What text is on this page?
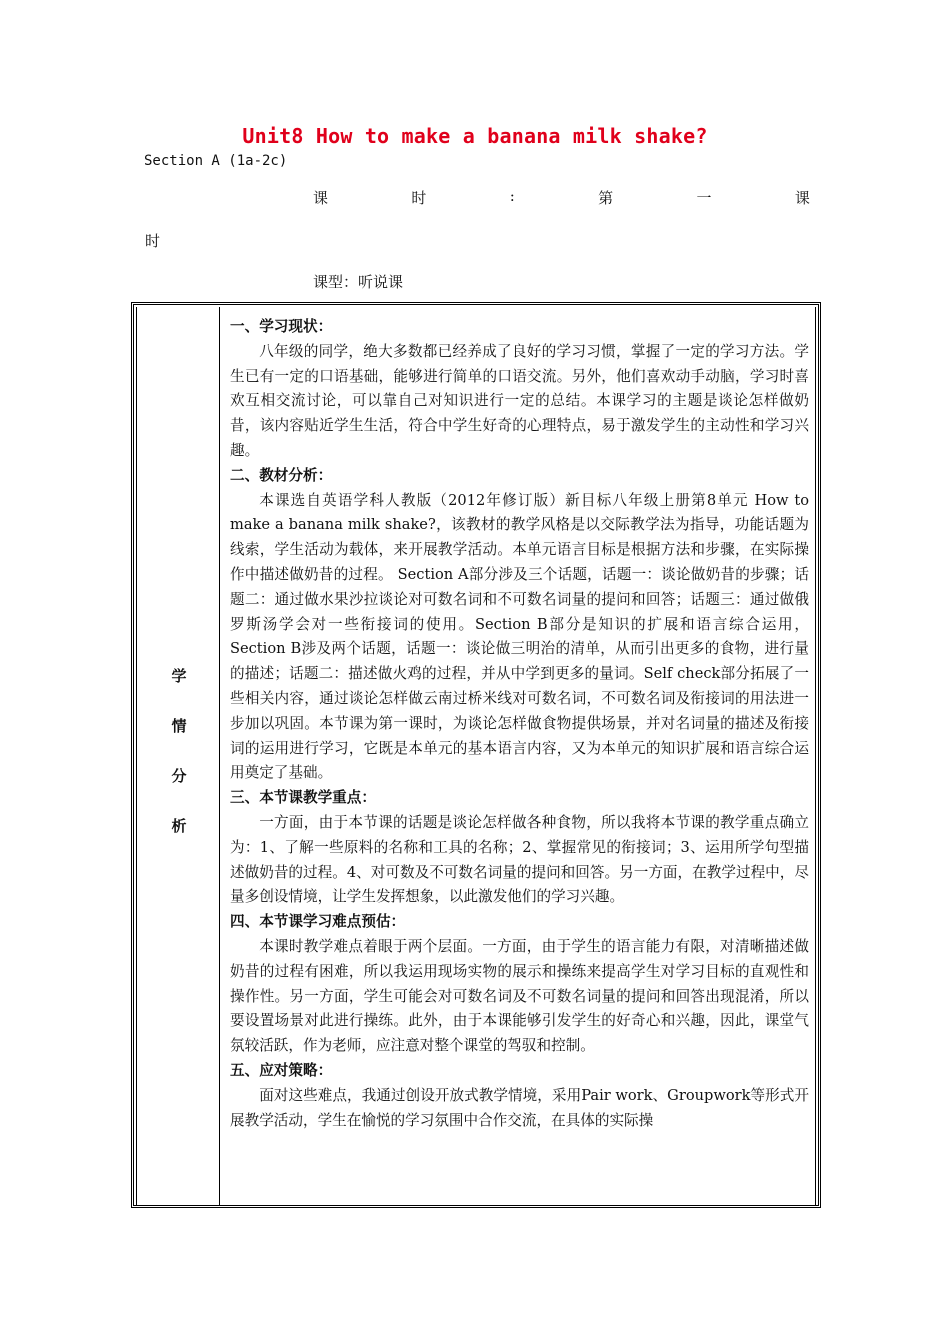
Unit8 How to make a banana milk shake?
Section A (1a-2c)
课	时	:	第	一	课
时
课型：听说课
学
情
分
析
一、学习现状：

八年级的同学，绝大多数都已经养成了良好的学习习惯，掌握了一定的学习方法。学生已有一定的口语基础，能够进行简单的口语交流。另外，他们喜欢动手动脑，学习时喜欢互相交流讨论，可以靠自己对知识进行一定的总结。本课学习的主题是谈论怎样做奶昔，该内容贴近学生生活，符合中学生好奇的心理特点，易于激发学生的主动性和学习兴趣。

二、教材分析：

本课选自英语学科人教版（2012年修订版）新目标八年级上册第8单元 How to make a banana milk shake?，该教材的教学风格是以交际教学法为指导，功能话题为线索，学生活动为载体，来开展教学活动。本单元语言目标是根据方法和步骤，在实际操作中描述做奶昔的过程。 Section A部分涉及三个话题，话题一：谈论做奶昔的步骤；话题二：通过做水果沙拉谈论对可数名词和不可数名词量的提问和回答；话题三：通过做俄罗斯汤学会对一些衔接词的使用。Section B部分是知识的扩展和语言综合运用， Section B涉及两个话题，话题一：谈论做三明治的清单，从而引出更多的食物，进行量的描述；话题二：描述做火鸡的过程，并从中学到更多的量词。Self check部分拓展了一些相关内容，通过谈论怎样做云南过桥米线对可数名词，不可数名词及衔接词的用法进一步加以巩固。本节课为第一课时，为谈论怎样做食物提供场景，并对名词量的描述及衔接词的运用进行学习，它既是本单元的基本语言内容，又为本单元的知识扩展和语言综合运用奠定了基础。

三、本节课教学重点：

一方面，由于本节课的话题是谈论怎样做各种食物，所以我将本节课的教学重点确立为：1、了解一些原料的名称和工具的名称；2、掌握常见的衔接词；3、运用所学句型描述做奶昔的过程。4、对可数及不可数名词量的提问和回答。另一方面，在教学过程中，尽量多创设情境，让学生发挥想象，以此激发他们的学习兴趣。

四、本节课学习难点预估：

本课时教学难点着眼于两个层面。一方面，由于学生的语言能力有限，对清晰描述做奶昔的过程有困难，所以我运用现场实物的展示和操练来提高学生对学习目标的直观性和操作性。另一方面，学生可能会对可数名词及不可数名词量的提问和回答出现混淆，所以要设置场景对此进行操练。此外，由于本课能够引发学生的好奇心和兴趣，因此，课堂气氛较活跃，作为老师，应注意对整个课堂的驾驭和控制。

五、应对策略：

面对这些难点，我通过创设开放式教学情境，采用Pair work、Groupwork等形式开展教学活动，学生在愉悦的学习氛围中合作交流，在具体的实际操
